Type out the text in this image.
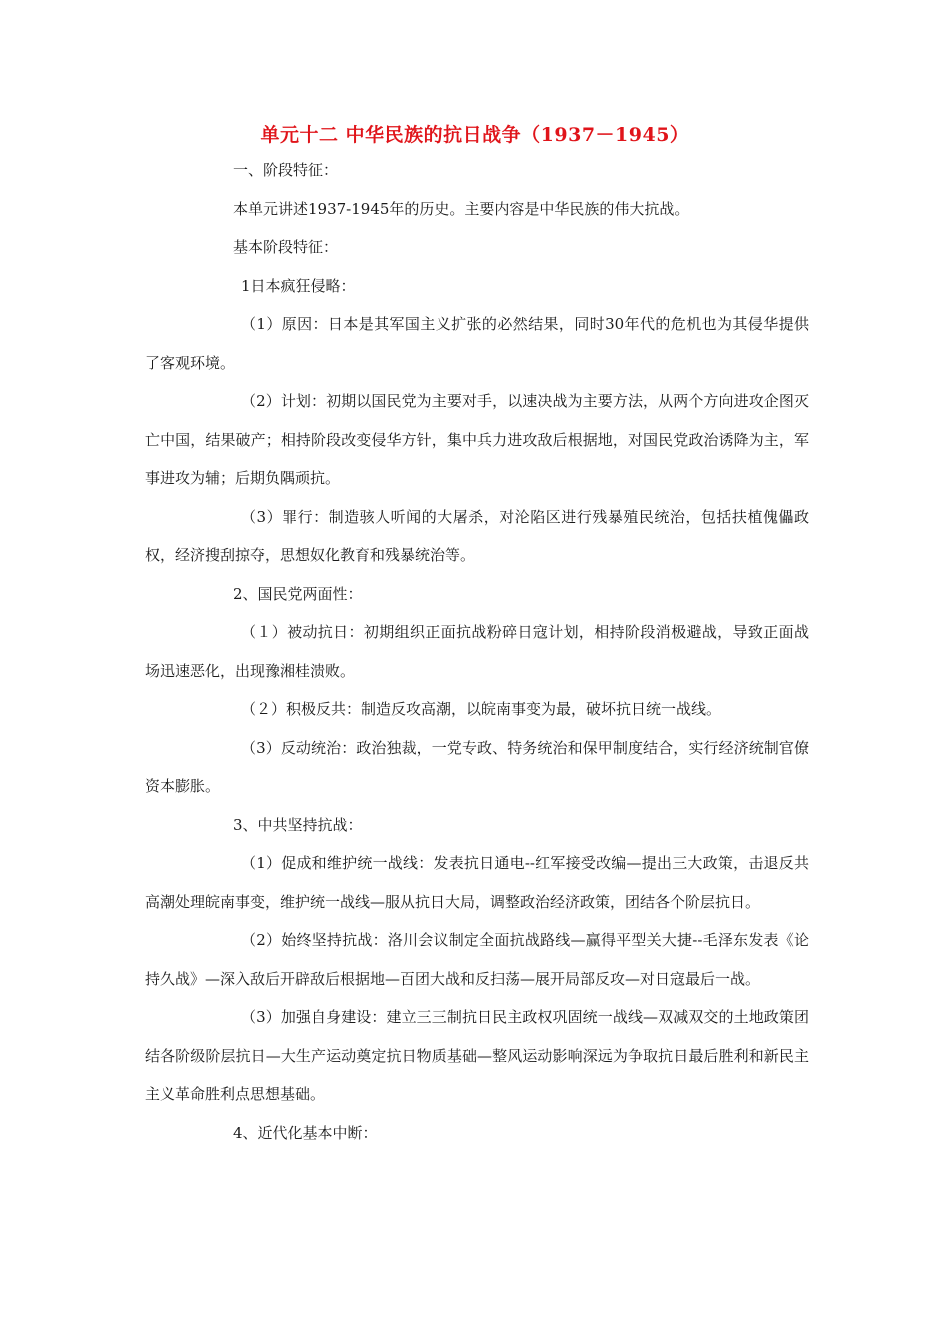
单元十二 中华民族的抗日战争（1937－1945）

一、阶段特征：

本单元讲述1937-1945年的历史。主要内容是中华民族的伟大抗战。

基本阶段特征：

1日本疯狂侵略：

（1）原因：日本是其军国主义扩张的必然结果，同时30年代的危机也为其侵华提供了客观环境。

（2）计划：初期以国民党为主要对手，以速决战为主要方法，从两个方向进攻企图灭亡中国，结果破产；相持阶段改变侵华方针，集中兵力进攻敌后根据地，对国民党政治诱降为主，军事进攻为辅；后期负隅顽抗。

（3）罪行：制造骇人听闻的大屠杀，对沦陷区进行残暴殖民统治，包括扶植傀儡政权，经济搜刮掠夺，思想奴化教育和残暴统治等。

2、国民党两面性：

（１）被动抗日：初期组织正面抗战粉碎日寇计划，相持阶段消极避战，导致正面战场迅速恶化，出现豫湘桂溃败。

（２）积极反共：制造反攻高潮，以皖南事变为最，破坏抗日统一战线。

（3）反动统治：政治独裁，一党专政、特务统治和保甲制度结合，实行经济统制官僚资本膨胀。

3、中共坚持抗战：

（1）促成和维护统一战线：发表抗日通电--红军接受改编—提出三大政策，击退反共高潮处理皖南事变，维护统一战线—服从抗日大局，调整政治经济政策，团结各个阶层抗日。

（2）始终坚持抗战：洛川会议制定全面抗战路线—赢得平型关大捷--毛泽东发表《论持久战》—深入敌后开辟敌后根据地—百团大战和反扫荡—展开局部反攻—对日寇最后一战。

（3）加强自身建设：建立三三制抗日民主政权巩固统一战线—双减双交的土地政策团结各阶级阶层抗日—大生产运动奠定抗日物质基础—整风运动影响深远为争取抗日最后胜利和新民主主义革命胜利点思想基础。

4、近代化基本中断：
